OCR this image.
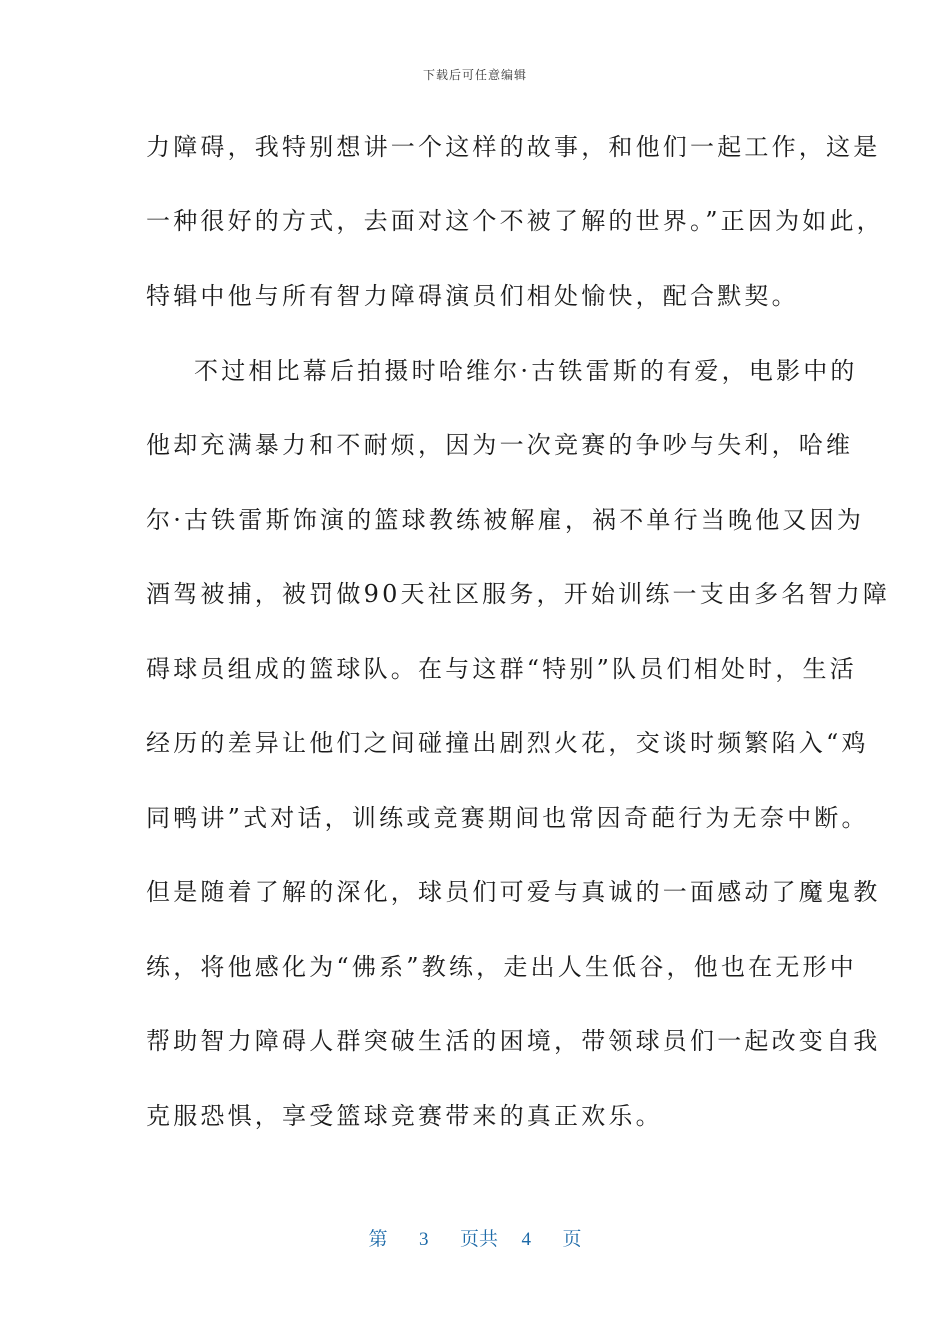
下载后可任意编辑
力障碍，我特别想讲一个这样的故事，和他们一起工作，这是
一种很好的方式，去面对这个不被了解的世界。”正因为如此，
特辑中他与所有智力障碍演员们相处愉快，配合默契。
不过相比幕后拍摄时哈维尔·古铁雷斯的有爱，电影中的
他却充满暴力和不耐烦，因为一次竞赛的争吵与失利，哈维
尔·古铁雷斯饰演的篮球教练被解雇，祸不单行当晚他又因为
酒驾被捕，被罚做90天社区服务，开始训练一支由多名智力障
碍球员组成的篮球队。在与这群“特别”队员们相处时，生活
经历的差异让他们之间碰撞出剧烈火花，交谈时频繁陷入“鸡
同鸭讲”式对话，训练或竞赛期间也常因奇葩行为无奈中断。
但是随着了解的深化，球员们可爱与真诚的一面感动了魔鬼教
练，将他感化为“佛系”教练，走出人生低谷，他也在无形中
帮助智力障碍人群突破生活的困境，带领球员们一起改变自我
克服恐惧，享受篮球竞赛带来的真正欢乐。
第 3 页共 4 页
